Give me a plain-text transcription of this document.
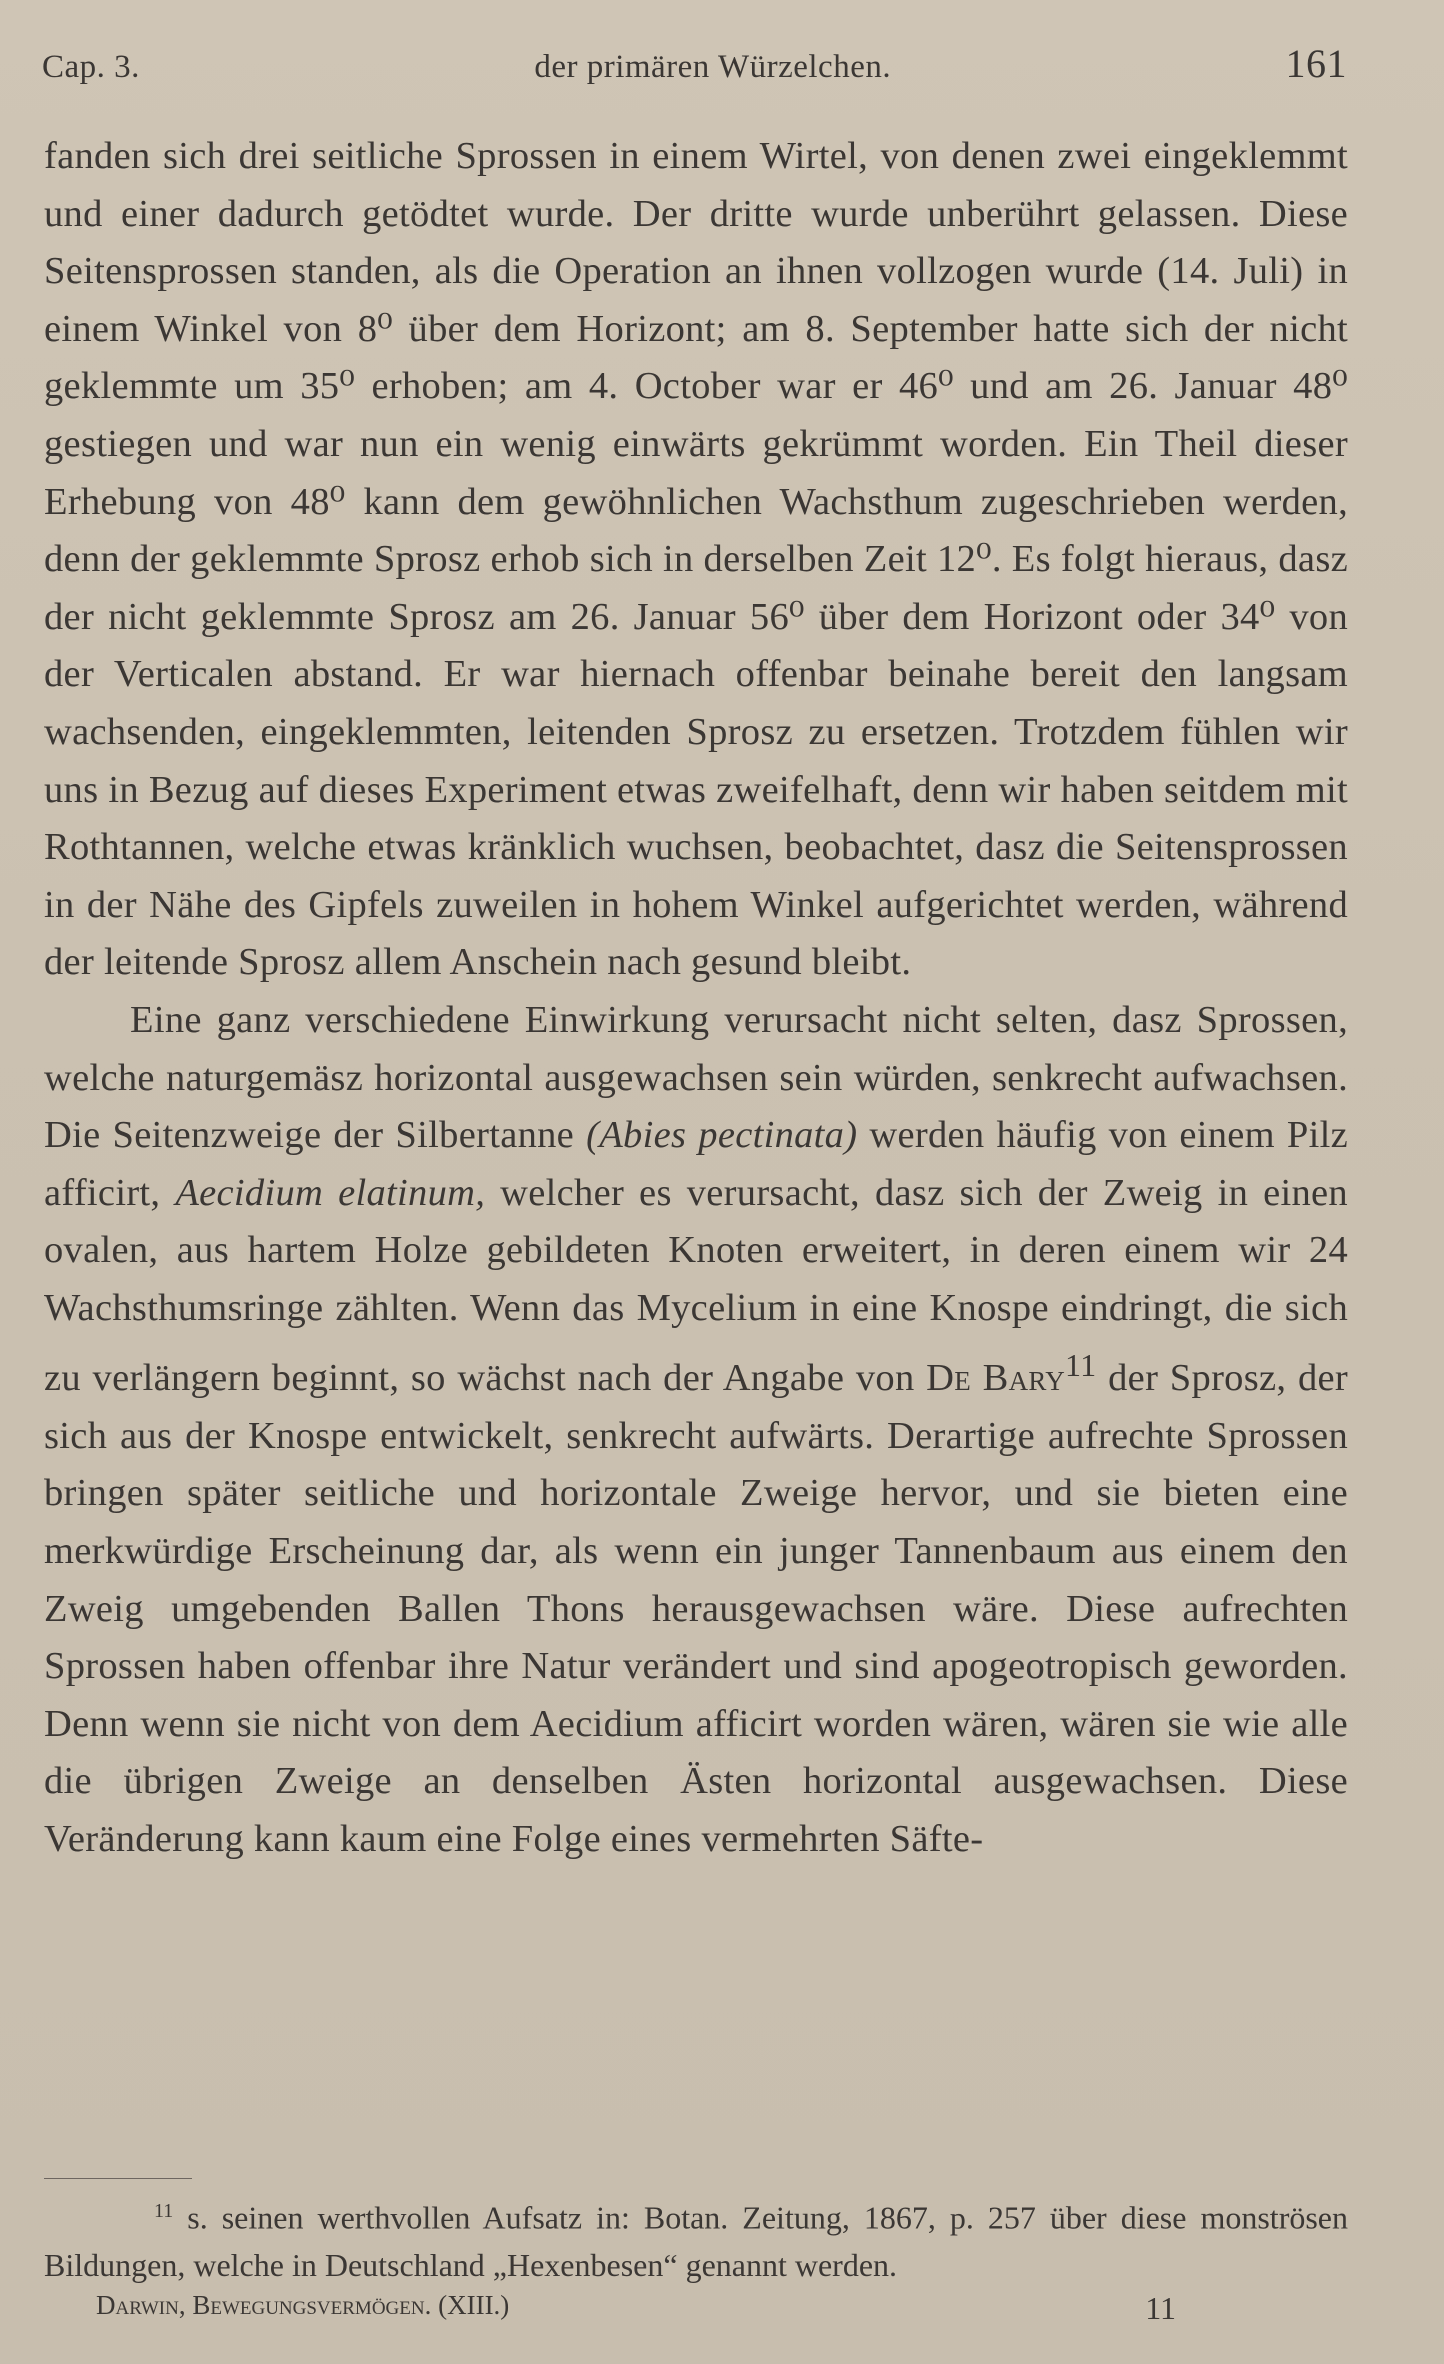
Cap. 3.	der primären Würzelchen.	161

fanden sich drei seitliche Sprossen in einem Wirtel, von denen zwei eingeklemmt und einer dadurch getödtet wurde. Der dritte wurde unberührt gelassen. Diese Seitensprossen standen, als die Operation an ihnen vollzogen wurde (14. Juli) in einem Winkel von 8⁰ über dem Horizont; am 8. September hatte sich der nicht geklemmte um 35⁰ erhoben; am 4. October war er 46⁰ und am 26. Januar 48⁰ gestiegen und war nun ein wenig einwärts gekrümmt worden. Ein Theil dieser Erhebung von 48⁰ kann dem gewöhnlichen Wachsthum zugeschrieben werden, denn der geklemmte Sprosz erhob sich in derselben Zeit 12⁰. Es folgt hieraus, dasz der nicht geklemmte Sprosz am 26. Januar 56⁰ über dem Horizont oder 34⁰ von der Verticalen abstand. Er war hiernach offenbar beinahe bereit den langsam wachsenden, eingeklemmten, leitenden Sprosz zu ersetzen. Trotzdem fühlen wir uns in Bezug auf dieses Experiment etwas zweifelhaft, denn wir haben seitdem mit Rothtannen, welche etwas kränklich wuchsen, beobachtet, dasz die Seitensprossen in der Nähe des Gipfels zuweilen in hohem Winkel aufgerichtet werden, während der leitende Sprosz allem Anschein nach gesund bleibt.

Eine ganz verschiedene Einwirkung verursacht nicht selten, dasz Sprossen, welche naturgemäsz horizontal ausgewachsen sein würden, senkrecht aufwachsen. Die Seitenzweige der Silbertanne (Abies pectinata) werden häufig von einem Pilz afficirt, Aecidium elatinum, welcher es verursacht, dasz sich der Zweig in einen ovalen, aus hartem Holze gebildeten Knoten erweitert, in deren einem wir 24 Wachsthumsringe zählten. Wenn das Mycelium in eine Knospe eindringt, die sich zu verlängern beginnt, so wächst nach der Angabe von De Bary$^{11}$ der Sprosz, der sich aus der Knospe entwickelt, senkrecht aufwärts. Derartige aufrechte Sprossen bringen später seitliche und horizontale Zweige hervor, und sie bieten eine merkwürdige Erscheinung dar, als wenn ein junger Tannenbaum aus einem den Zweig umgebenden Ballen Thons herausgewachsen wäre. Diese aufrechten Sprossen haben offenbar ihre Natur verändert und sind apogeotropisch geworden. Denn wenn sie nicht von dem Aecidium afficirt worden wären, wären sie wie alle die übrigen Zweige an denselben Ästen horizontal ausgewachsen. Diese Veränderung kann kaum eine Folge eines vermehrten Säfte-

$^{11}$ s. seinen werthvollen Aufsatz in: Botan. Zeitung, 1867, p. 257 über diese monströsen Bildungen, welche in Deutschland „Hexenbesen“ genannt werden.

Darwin, Bewegungsvermögen. (XIII.)	11
